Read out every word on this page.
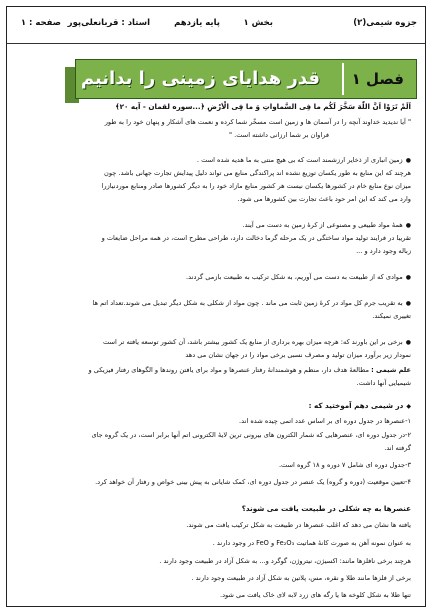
جزوه شیمی(۲)
بخش ۱
پایه یازدهم
استاد : قربانعلی‌پور
صفحه : ۱
فصل ۱
قدر هدایای زمینی را بدانیم
اَلَمْ تَرَوْا اَنَّ اللّٰهَ سَخَّرَ لَكُم ما فِی السَّماواتِ وَ ما فِی الْاَرْضِ ﴿...سوره لقمان - آیه ۲۰﴾
" آیا ندیدید خداوند آنچه را در آسمان ها و زمین است مسخّر شما کرده و نعمت های آشکار و پنهان خود را به طور
فراوان بر شما ارزانی داشته است. "
● زمین انباری از ذخایر ارزشمند است که بی هیچ منتی به ما هدیه شده است .
هرچند که این منابع به طور یکسان توزیع نشده اند پراکندگی منابع می تواند دلیل پیدایش تجارت جهانی باشد. چون
میزان نوع منابع خام در کشورها یکسان نیست هر کشور منابع مازاد خود را به دیگر کشورها صادر ومنابع موردنیازرا
وارد می کند که این امر حود باعث تجارت بین کشورها می شود.
● همهٔ مواد طبیعی و مصنوعی از کرهٔ زمین به دست می آیند.
تقریبا در فرایند تولید مواد ساختگی در یک مرحله گرما دخالت دارد، طراحی مطرح است، در همه مراحل ضایعات و
زباله وجود دارد و ...
● موادی که از طبیعت به دست می آوریم، به شکل ترکیب به طبیعت بازمی گردند.
● به تقریب جرم کل مواد در کرهٔ زمین ثابت می ماند . چون مواد از شکلی به شکل دیگر تبدیل می شوند.تعداد اتم ها
تغییری نمیکند.
● برخی بر این باورند که: هرچه میزان بهره برداری از منابع یک کشور بیشتر باشد، آن کشور توسعه یافته تر است
نمودار زیر برآورد میزان تولید و مصرف نسبی برخی مواد را در جهان نشان می دهد
علم شیمی : مطالعهٔ هدف دار، منظم و هوشمندانهٔ رفتار عنصرها و مواد برای یافتن روندها و الگوهای رفتار فیزیکی و
شیمیایی آنها داشت.
◆ در شیمی دهم آموختید که :
۱-عنصرها در جدول دوره ای بر اساس عدد اتمی چیده شده اند.
۲-در جدول دوره ای، عنصرهایی که شمار الکترون های بیرونی ترین لایهٔ الکترونی اتم آنها برابر است، در یک گروه جای
گرفته اند.
۳-جدول دوره ای شامل ۷ دوره و ۱۸ گروه است.
۴-تعیین موقعیت (دوره و گروه) یک عنصر در جدول دوره ای، کمک شایانی به پیش بینی خواص و رفتار آن خواهد کرد.
عنصرها به چه شکلی در طبیعت یافت می شوند؟
یافته ها نشان می دهد که اغلب عنصرها در طبیعت به شکل ترکیب یافت می شوند.
به عنوان نمونه آهن به صورت کانهٔ هماتیت Fe₂O₃ و FeO در وجود دارند .
هرچند برخی نافلزها مانند: اکسیژن، نیتروژن، گوگرد و... به شکل آزاد در طبیعت وجود دارند .
برخی از فلزها مانند طلا و نقره، مس، پلاتین به شکل آزاد در طبیعت وجود دارند .
تنها طلا به شکل کلوخه ها یا رگه های زرد لابه لای خاک یافت می شود.
